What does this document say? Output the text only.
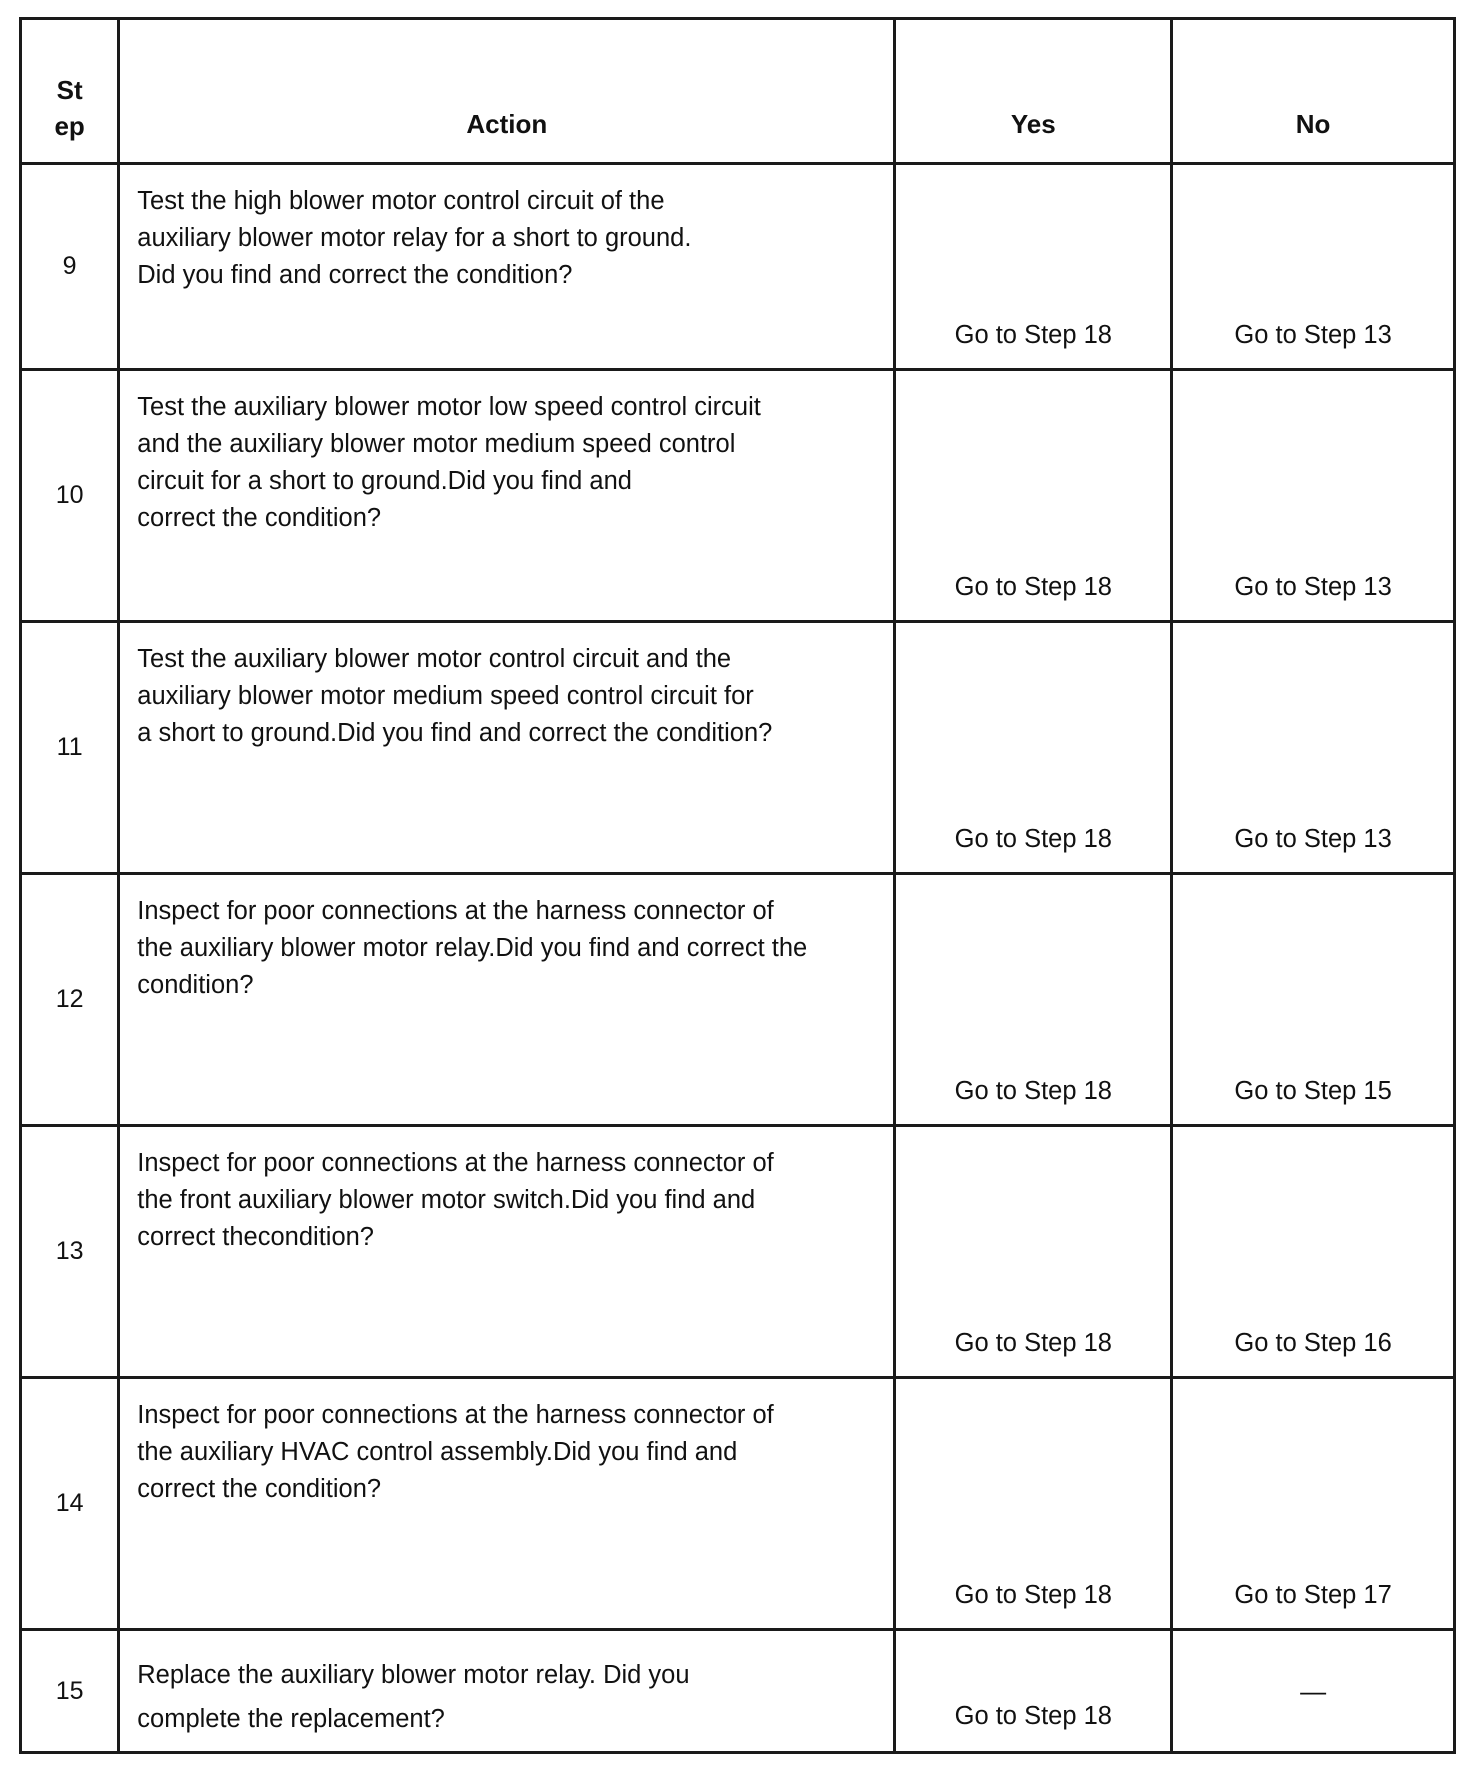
St
ep	Action	Yes	No
9	Test the high blower motor control circuit of the
auxiliary blower motor relay for a short to ground.
Did you find and correct the condition?	Go to Step 18	Go to Step 13
10	Test the auxiliary blower motor low speed control circuit
and the auxiliary blower motor medium speed control
circuit for a short to ground.Did you find and
correct the condition?	Go to Step 18	Go to Step 13
11	Test the auxiliary blower motor control circuit and the
auxiliary blower motor medium speed control circuit for
a short to ground.Did you find and correct the condition?	Go to Step 18	Go to Step 13
12	Inspect for poor connections at the harness connector of
the auxiliary blower motor relay.Did you find and correct the
condition?	Go to Step 18	Go to Step 15
13	Inspect for poor connections at the harness connector of
the front auxiliary blower motor switch.Did you find and
correct thecondition?	Go to Step 18	Go to Step 16
14	Inspect for poor connections at the harness connector of
the auxiliary HVAC control assembly.Did you find and
correct the condition?	Go to Step 18	Go to Step 17
15	Replace the auxiliary blower motor relay. Did you
complete the replacement?	Go to Step 18	—
